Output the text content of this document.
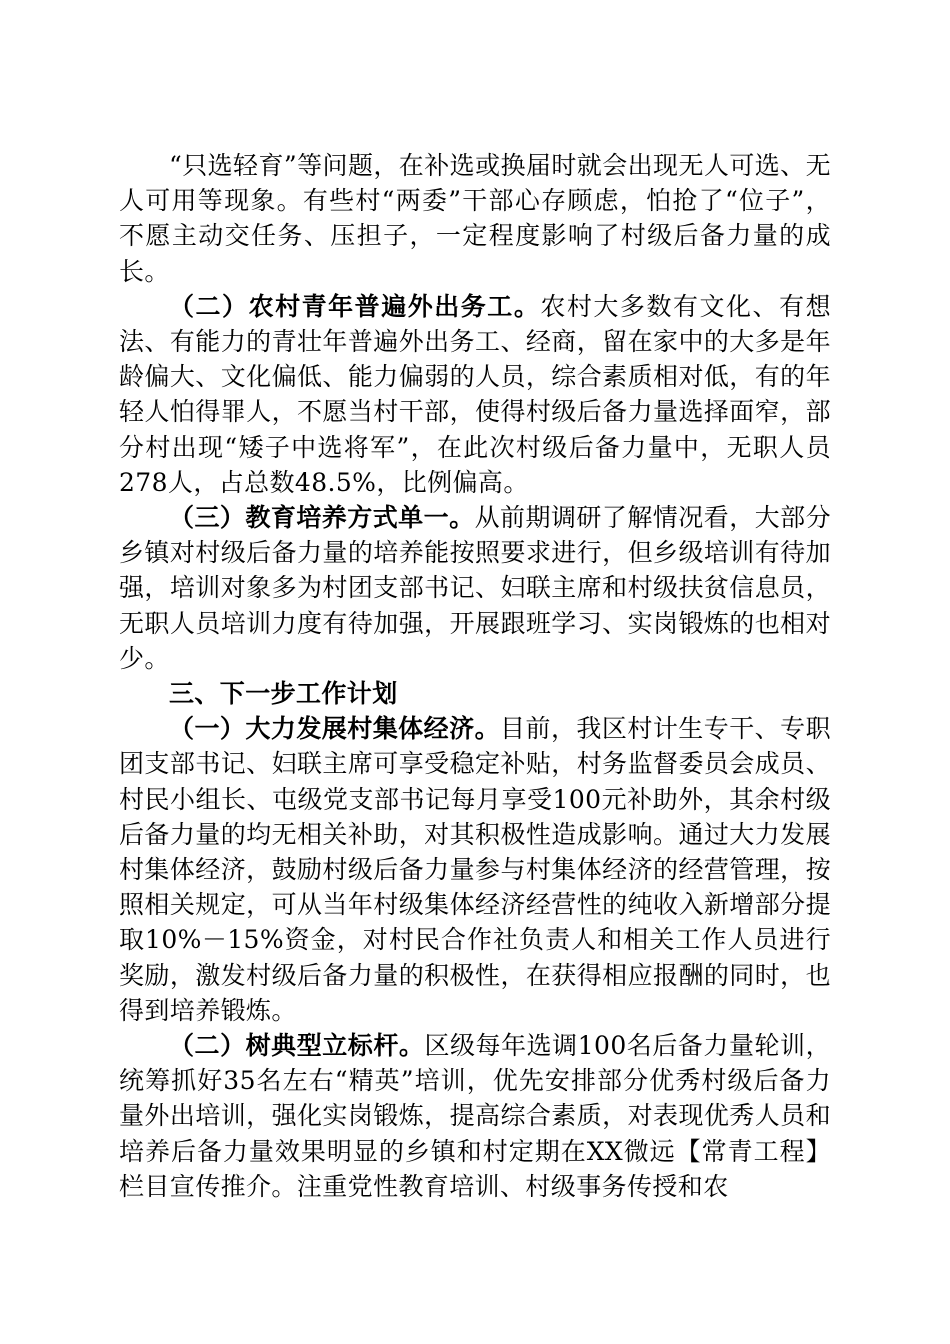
“只选轻育”等问题，在补选或换届时就会出现无人可选、无人可用等现象。有些村“两委”干部心存顾虑，怕抢了“位子”，不愿主动交任务、压担子，一定程度影响了村级后备力量的成长。

（二）农村青年普遍外出务工。农村大多数有文化、有想法、有能力的青壮年普遍外出务工、经商，留在家中的大多是年龄偏大、文化偏低、能力偏弱的人员，综合素质相对低，有的年轻人怕得罪人，不愿当村干部，使得村级后备力量选择面窄，部分村出现“矮子中选将军”，在此次村级后备力量中，无职人员278人，占总数48.5%，比例偏高。

（三）教育培养方式单一。从前期调研了解情况看，大部分乡镇对村级后备力量的培养能按照要求进行，但乡级培训有待加强，培训对象多为村团支部书记、妇联主席和村级扶贫信息员，无职人员培训力度有待加强，开展跟班学习、实岗锻炼的也相对少。

三、下一步工作计划

（一）大力发展村集体经济。目前，我区村计生专干、专职团支部书记、妇联主席可享受稳定补贴，村务监督委员会成员、村民小组长、屯级党支部书记每月享受100元补助外，其余村级后备力量的均无相关补助，对其积极性造成影响。通过大力发展村集体经济，鼓励村级后备力量参与村集体经济的经营管理，按照相关规定，可从当年村级集体经济经营性的纯收入新增部分提取10%－15%资金，对村民合作社负责人和相关工作人员进行奖励，激发村级后备力量的积极性，在获得相应报酬的同时，也得到培养锻炼。

（二）树典型立标杆。区级每年选调100名后备力量轮训，统筹抓好35名左右“精英”培训，优先安排部分优秀村级后备力量外出培训，强化实岗锻炼，提高综合素质，对表现优秀人员和培养后备力量效果明显的乡镇和村定期在XX微远【常青工程】栏目宣传推介。注重党性教育培训、村级事务传授和农
